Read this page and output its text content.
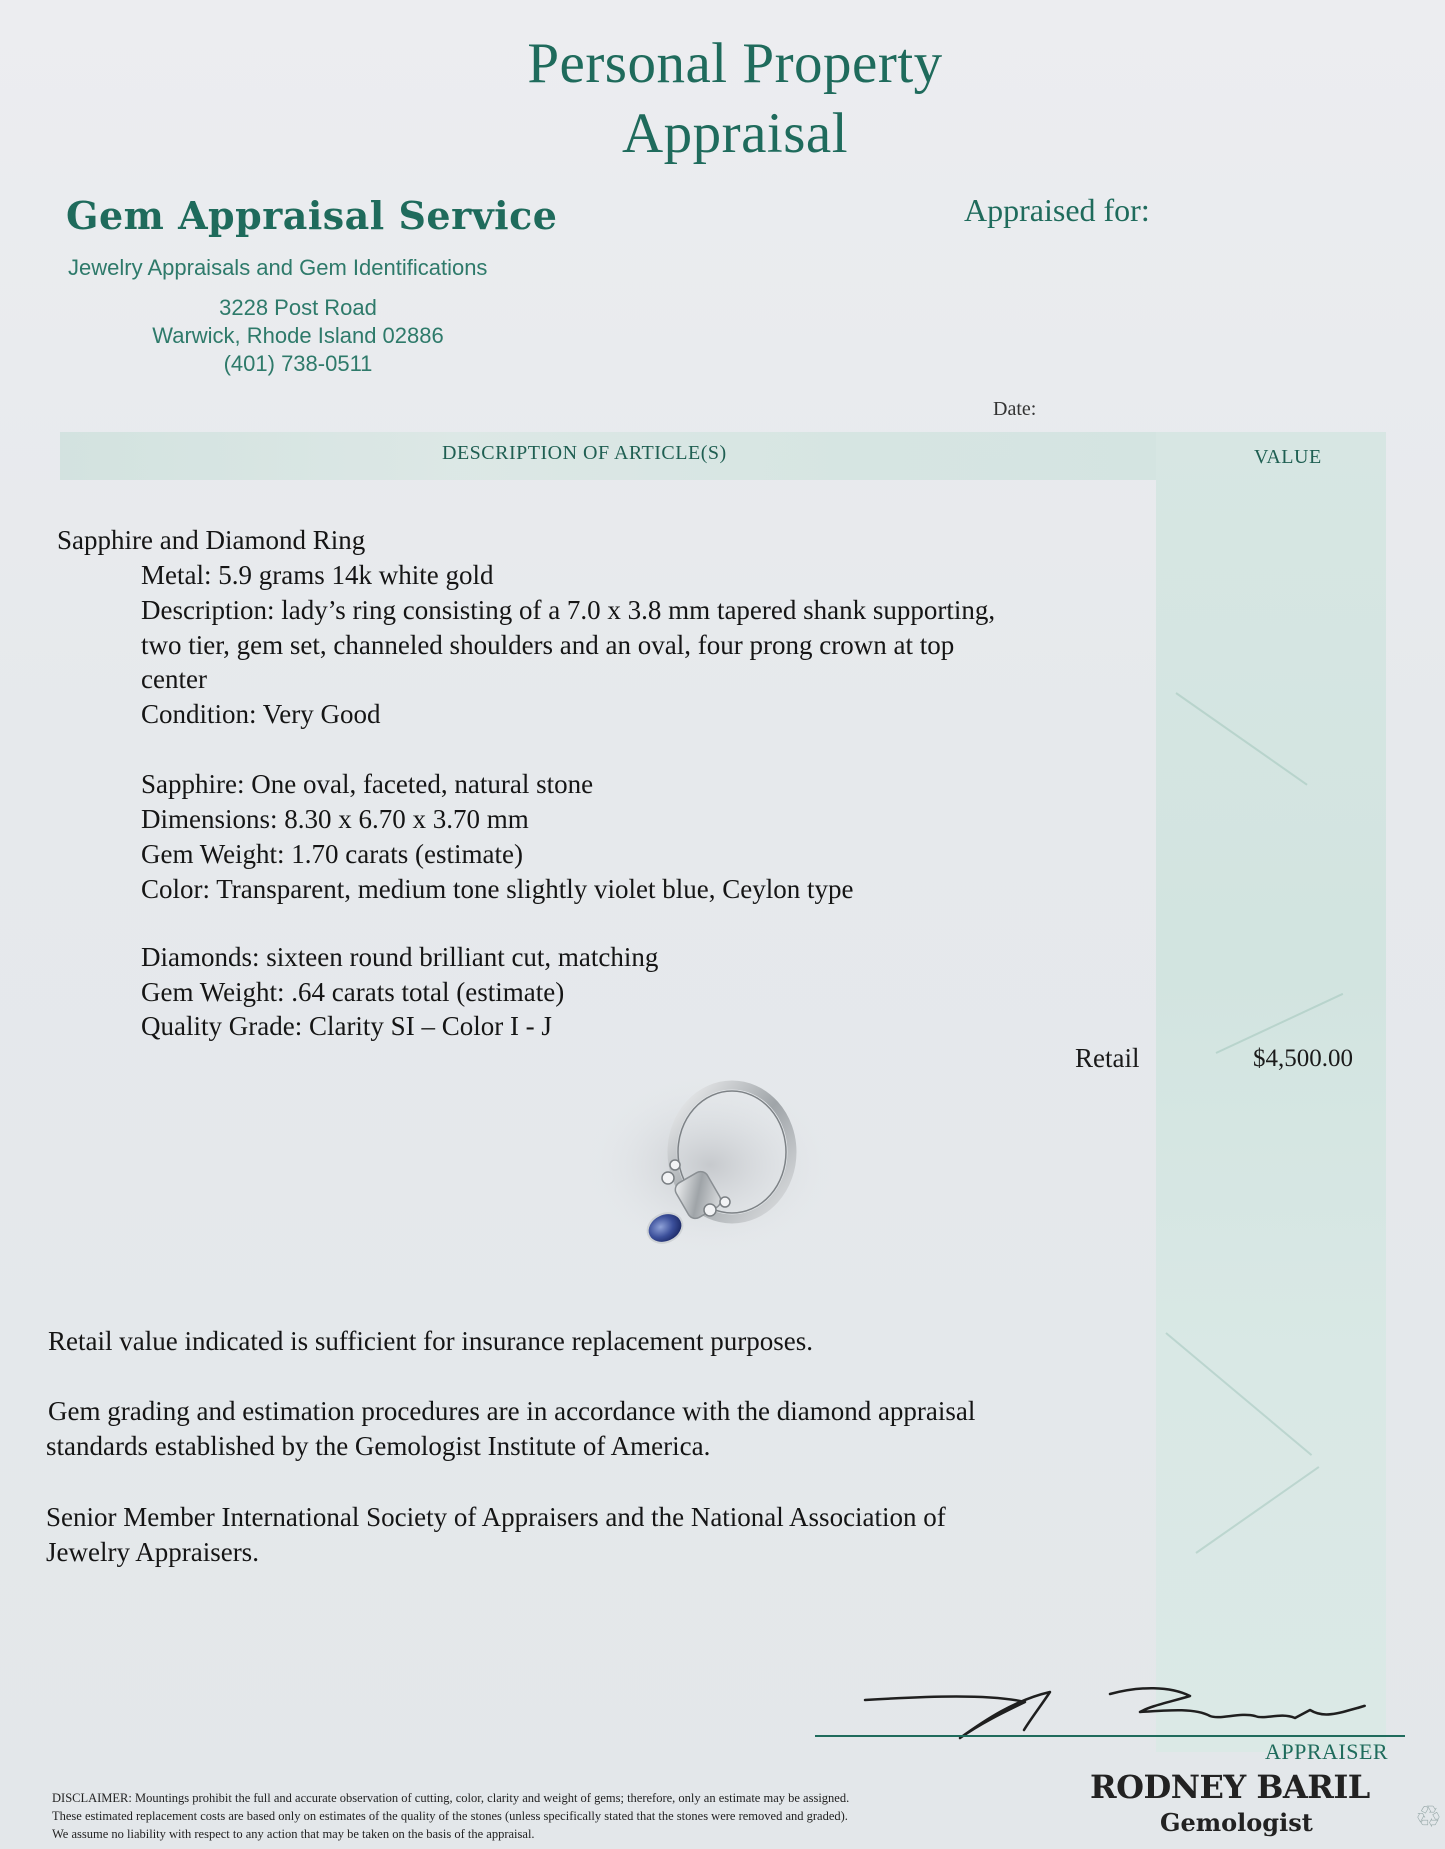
Personal Property
Appraisal
Gem Appraisal Service
Jewelry Appraisals and Gem Identifications
3228 Post Road
Warwick, Rhode Island 02886
(401) 738-0511
Appraised for:
Date:
DESCRIPTION OF ARTICLE(S)	VALUE
Sapphire and Diamond Ring
Metal: 5.9 grams 14k white gold
Description: lady’s ring consisting of a 7.0 x 3.8 mm tapered shank supporting,
two tier, gem set, channeled shoulders and an oval, four prong crown at top
center
Condition: Very Good
Sapphire: One oval, faceted, natural stone
Dimensions: 8.30 x 6.70 x 3.70 mm
Gem Weight: 1.70 carats (estimate)
Color: Transparent, medium tone slightly violet blue, Ceylon type
Diamonds: sixteen round brilliant cut, matching
Gem Weight: .64 carats total (estimate)
Quality Grade: Clarity SI – Color I - J
Retail	$4,500.00
Retail value indicated is sufficient for insurance replacement purposes.
Gem grading and estimation procedures are in accordance with the diamond appraisal
standards established by the Gemologist Institute of America.
Senior Member International Society of Appraisers and the National Association of
Jewelry Appraisers.
APPRAISER
RODNEY BARIL
Gemologist
DISCLAIMER: Mountings prohibit the full and accurate observation of cutting, color, clarity and weight of gems; therefore, only an estimate may be assigned.
These estimated replacement costs are based only on estimates of the quality of the stones (unless specifically stated that the stones were removed and graded).
We assume no liability with respect to any action that may be taken on the basis of the appraisal.	♲
